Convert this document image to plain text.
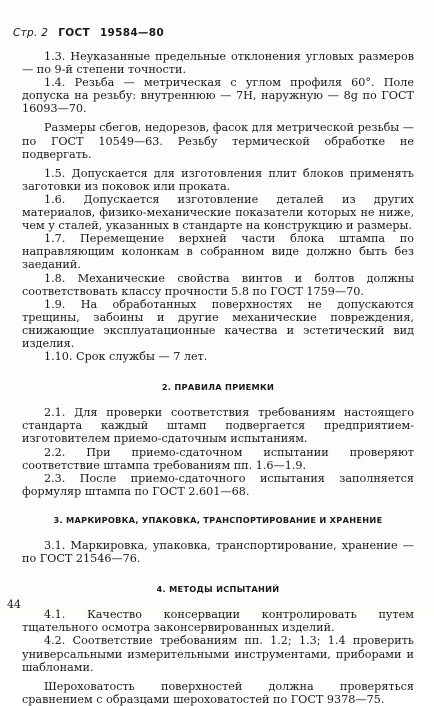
Стр. 2 ГОСТ 19584—80

1.3. Неуказанные предельные отклонения угловых размеров — по 9-й степени точности.

1.4. Резьба — метрическая с углом профиля 60°. Поле допуска на резьбу: внутреннюю — 7Н, наружную — 8g по ГОСТ 16093—70.

Размеры сбегов, недорезов, фасок для метрической резьбы — по ГОСТ 10549—63. Резьбу термической обработке не подвергать.

1.5. Допускается для изготовления плит блоков применять заготовки из поковок или проката.

1.6. Допускается изготовление деталей из других материалов, физико-механические показатели которых не ниже, чем у сталей, указанных в стандарте на конструкцию и размеры.

1.7. Перемещение верхней части блока штампа по направляющим колонкам в собранном виде должно быть без заеданий.

1.8. Механические свойства винтов и болтов должны соответствовать классу прочности 5.8 по ГОСТ 1759—70.

1.9. На обработанных поверхностях не допускаются трещины, забоины и другие механические повреждения, снижающие эксплуатационные качества и эстетический вид изделия.

1.10. Срок службы — 7 лет.

2. ПРАВИЛА ПРИЕМКИ

2.1. Для проверки соответствия требованиям настоящего стандарта каждый штамп подвергается предприятием-изготовителем приемо-сдаточным испытаниям.

2.2. При приемо-сдаточном испытании проверяют соответствие штампа требованиям пп. 1.6—1.9.

2.3. После приемо-сдаточного испытания заполняется формуляр штампа по ГОСТ 2.601—68.

3. МАРКИРОВКА, УПАКОВКА, ТРАНСПОРТИРОВАНИЕ И ХРАНЕНИЕ

3.1. Маркировка, упаковка, транспортирование, хранение — по ГОСТ 21546—76.

4. МЕТОДЫ ИСПЫТАНИЙ

4.1. Качество консервации контролировать путем тщательного осмотра законсервированных изделий.

4.2. Соответствие требованиям пп. 1.2; 1.3; 1.4 проверить универсальными измерительными инструментами, приборами и шаблонами.

Шероховатость поверхностей должна проверяться сравнением с образцами шероховатостей по ГОСТ 9378—75.

44
